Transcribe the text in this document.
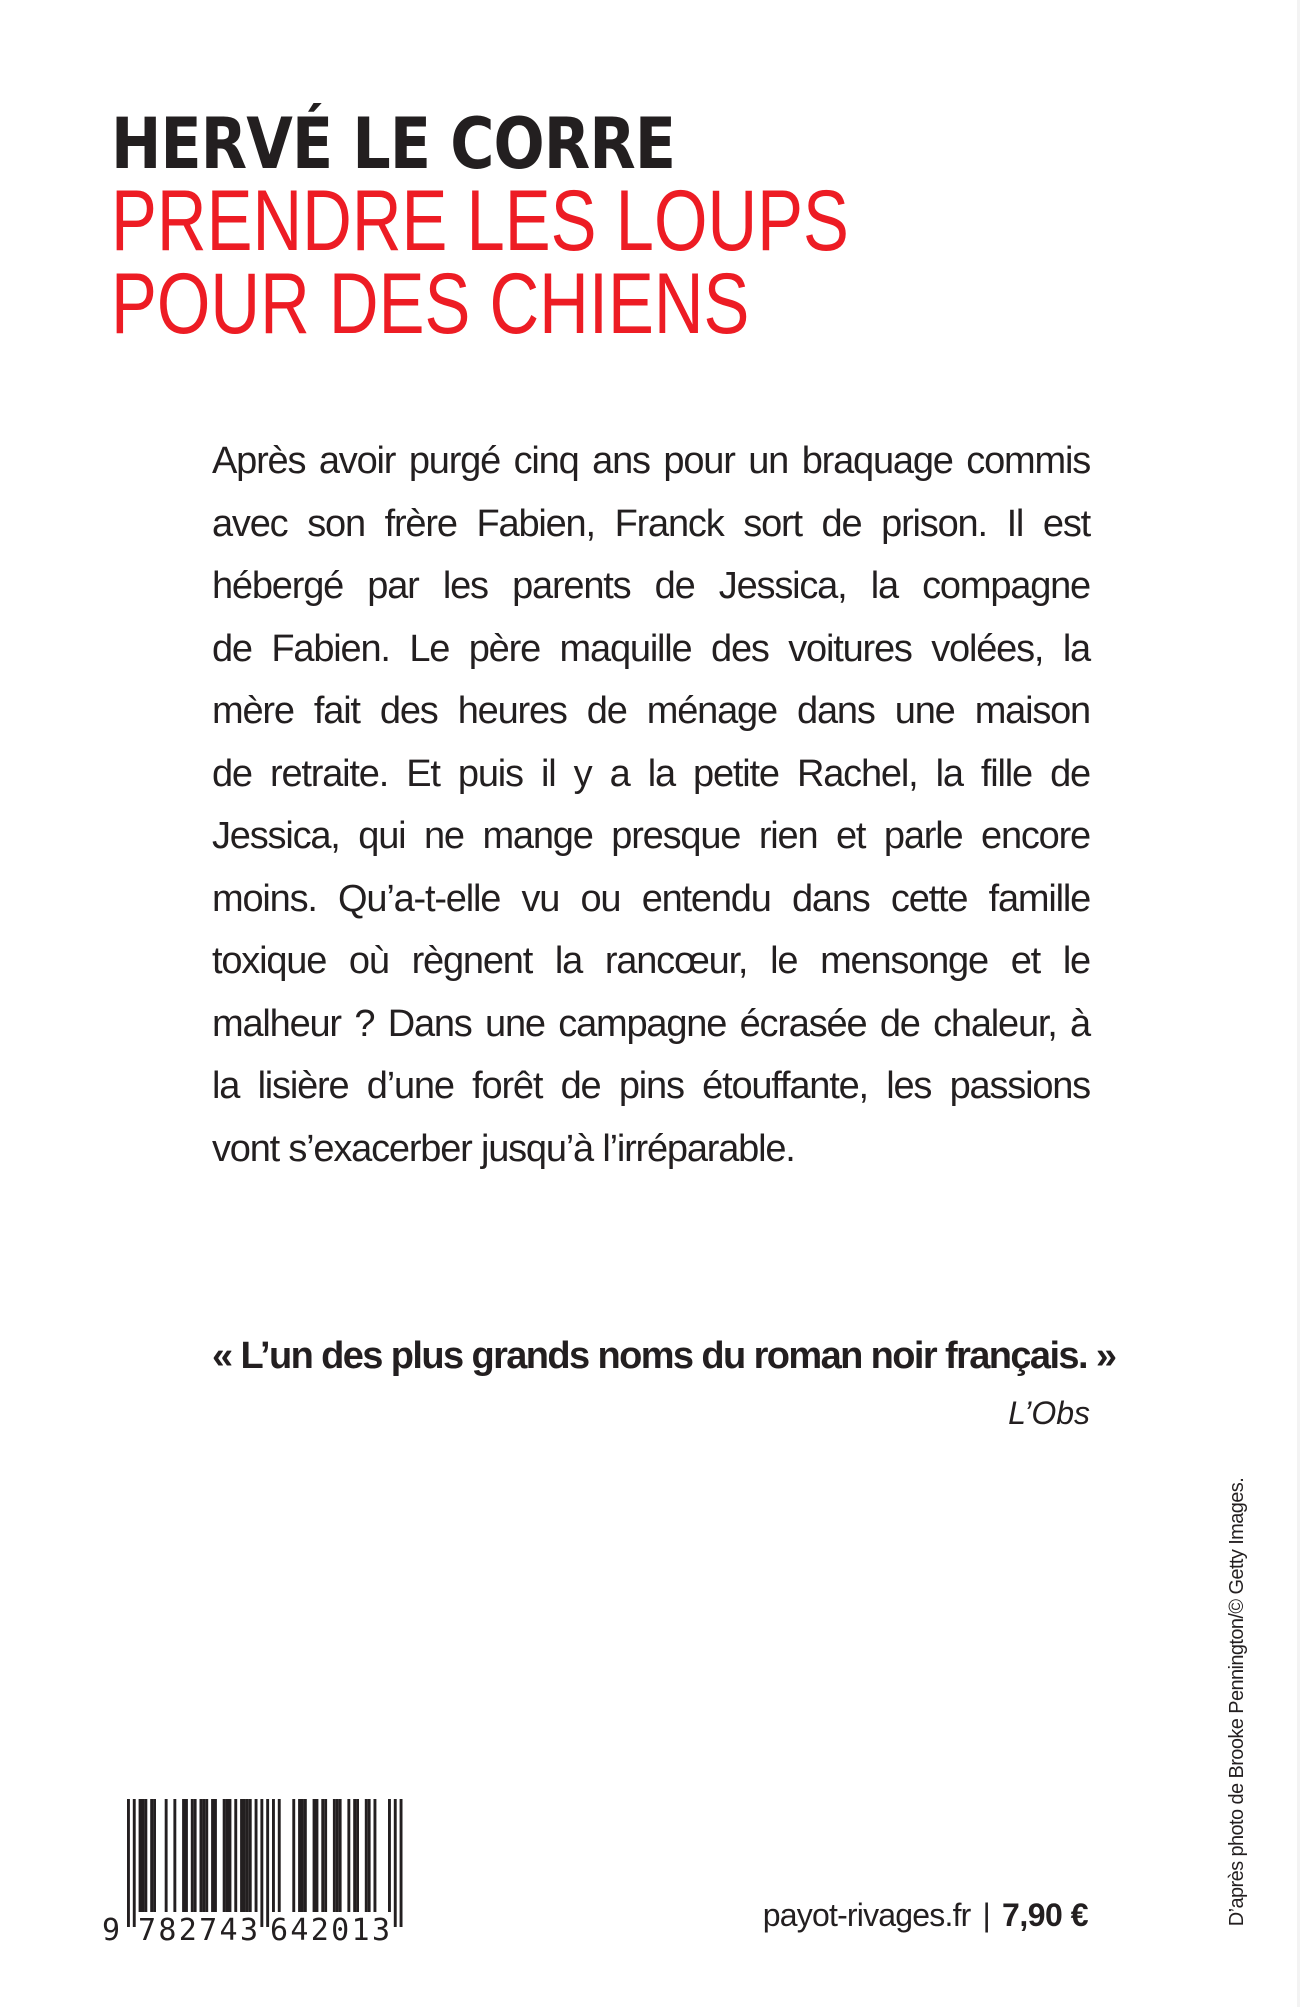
HERVÉ LE CORRE
PRENDRE LES LOUPS
POUR DES CHIENS
Après avoir purgé cinq ans pour un braquage commis
avec son frère Fabien, Franck sort de prison. Il est
hébergé par les parents de Jessica, la compagne
de Fabien. Le père maquille des voitures volées, la
mère fait des heures de ménage dans une maison
de retraite. Et puis il y a la petite Rachel, la fille de
Jessica, qui ne mange presque rien et parle encore
moins. Qu’a-t-elle vu ou entendu dans cette famille
toxique où règnent la rancœur, le mensonge et le
malheur ? Dans une campagne écrasée de chaleur, à
la lisière d’une forêt de pins étouffante, les passions
vont s’exacerber jusqu’à l’irréparable.
« L’un des plus grands noms du roman noir français. »
L’Obs
D’après photo de Brooke Pennington/© Getty Images.
9 782743 642013	payot-rivages.fr | 7,90 €
